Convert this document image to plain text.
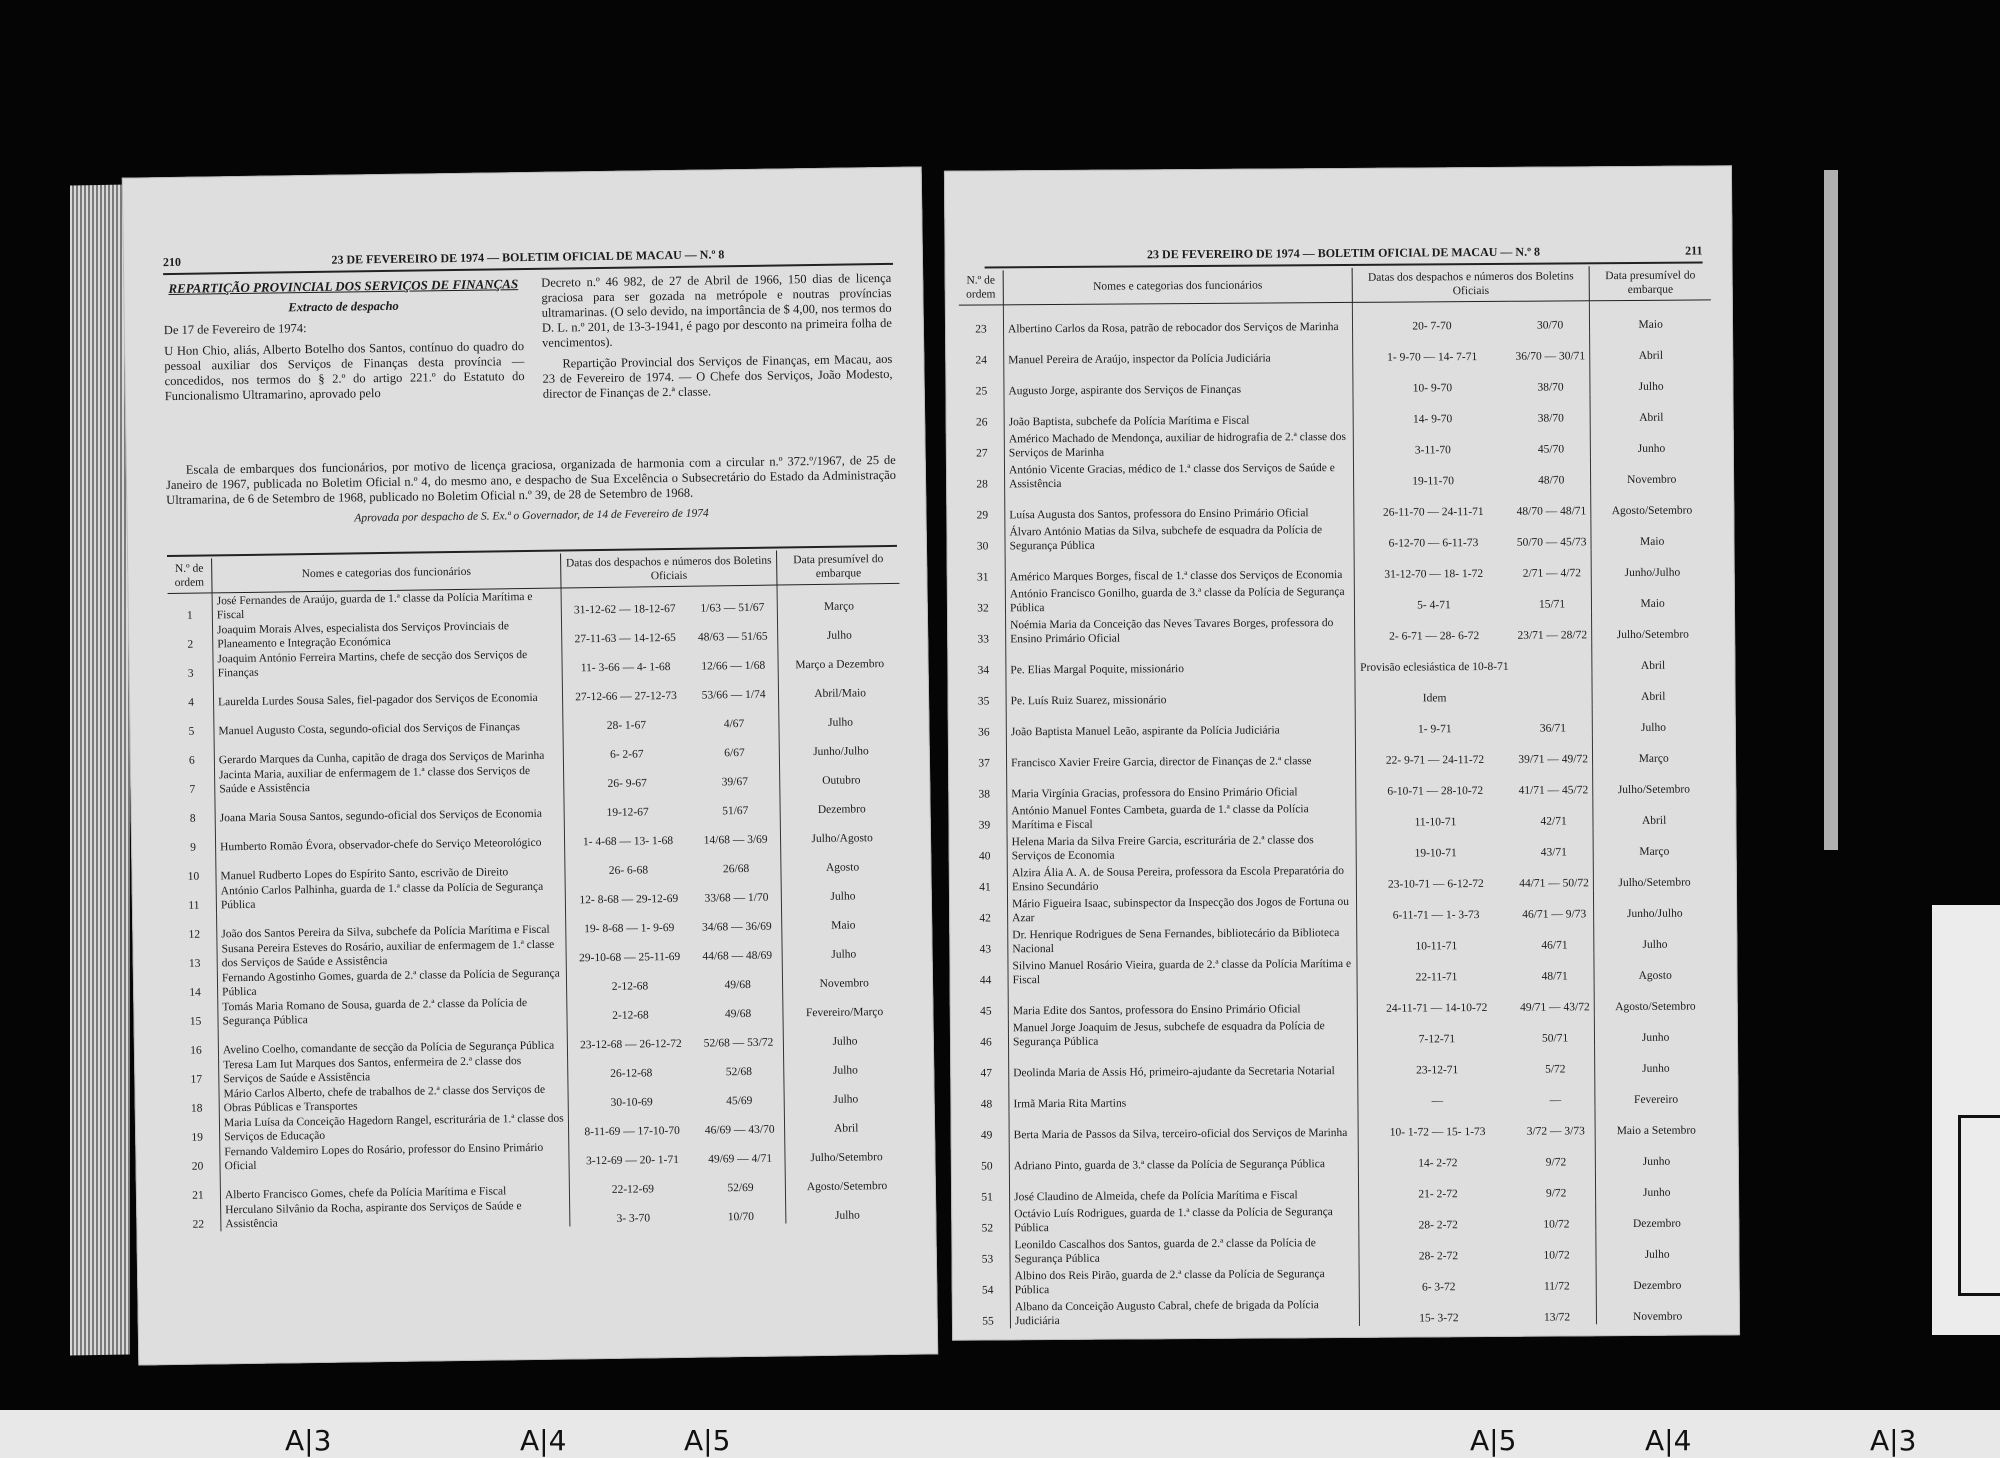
210	23 DE FEVEREIRO DE 1974 — BOLETIM OFICIAL DE MACAU — N.º 8

REPARTIÇÃO PROVINCIAL DOS SERVIÇOS DE FINANÇAS

Extracto de despacho

De 17 de Fevereiro de 1974:

U Hon Chio, aliás, Alberto Botelho dos Santos, contínuo do quadro do pessoal auxiliar dos Serviços de Finanças desta província — concedidos, nos termos do § 2.º do artigo 221.º do Estatuto do Funcionalismo Ultramarino, aprovado pelo

Decreto n.º 46 982, de 27 de Abril de 1966, 150 dias de licença graciosa para ser gozada na metrópole e noutras províncias ultramarinas. (O selo devido, na importância de $ 4,00, nos termos do D. L. n.º 201, de 13-3-1941, é pago por desconto na primeira folha de vencimentos).

Repartição Provincial dos Serviços de Finanças, em Macau, aos 23 de Fevereiro de 1974. — O Chefe dos Serviços, João Modesto, director de Finanças de 2.ª classe.

Escala de embarques dos funcionários, por motivo de licença graciosa, organizada de harmonia com a circular n.º 372.º/1967, de 25 de Janeiro de 1967, publicada no Boletim Oficial n.º 4, do mesmo ano, e despacho de Sua Excelência o Subsecretário do Estado da Administração Ultramarina, de 6 de Setembro de 1968, publicado no Boletim Oficial n.º 39, de 28 de Setembro de 1968.

Aprovada por despacho de S. Ex.ª o Governador, de 14 de Fevereiro de 1974

N.º de ordem	Nomes e categorias dos funcionários	Datas dos despachos e números dos Boletins Oficiais		Data presumível do embarque
1	José Fernandes de Araújo, guarda de 1.ª classe da Polícia Marítima e Fiscal	31-12-62 — 18-12-67	1/63 — 51/67	Março
2	Joaquim Morais Alves, especialista dos Serviços Provinciais de Planeamento e Integração Económica	27-11-63 — 14-12-65	48/63 — 51/65	Julho
3	Joaquim António Ferreira Martins, chefe de secção dos Serviços de Finanças	11- 3-66 — 4- 1-68	12/66 — 1/68	Março a Dezembro
4	Laurelda Lurdes Sousa Sales, fiel-pagador dos Serviços de Economia	27-12-66 — 27-12-73	53/66 — 1/74	Abril/Maio
5	Manuel Augusto Costa, segundo-oficial dos Serviços de Finanças	28- 1-67	4/67	Julho
6	Gerardo Marques da Cunha, capitão de draga dos Serviços de Marinha	6- 2-67	6/67	Junho/Julho
7	Jacinta Maria, auxiliar de enfermagem de 1.ª classe dos Serviços de Saúde e Assistência	26- 9-67	39/67	Outubro
8	Joana Maria Sousa Santos, segundo-oficial dos Serviços de Economia	19-12-67	51/67	Dezembro
9	Humberto Romão Évora, observador-chefe do Serviço Meteorológico	1- 4-68 — 13- 1-68	14/68 — 3/69	Julho/Agosto
10	Manuel Rudberto Lopes do Espírito Santo, escrivão de Direito	26- 6-68	26/68	Agosto
11	António Carlos Palhinha, guarda de 1.ª classe da Polícia de Segurança Pública	12- 8-68 — 29-12-69	33/68 — 1/70	Julho
12	João dos Santos Pereira da Silva, subchefe da Polícia Marítima e Fiscal	19- 8-68 — 1- 9-69	34/68 — 36/69	Maio
13	Susana Pereira Esteves do Rosário, auxiliar de enfermagem de 1.ª classe dos Serviços de Saúde e Assistência	29-10-68 — 25-11-69	44/68 — 48/69	Julho
14	Fernando Agostinho Gomes, guarda de 2.ª classe da Polícia de Segurança Pública	2-12-68	49/68	Novembro
15	Tomás Maria Romano de Sousa, guarda de 2.ª classe da Polícia de Segurança Pública	2-12-68	49/68	Fevereiro/Março
16	Avelino Coelho, comandante de secção da Polícia de Segurança Pública	23-12-68 — 26-12-72	52/68 — 53/72	Julho
17	Teresa Lam Iut Marques dos Santos, enfermeira de 2.ª classe dos Serviços de Saúde e Assistência	26-12-68	52/68	Julho
18	Mário Carlos Alberto, chefe de trabalhos de 2.ª classe dos Serviços de Obras Públicas e Transportes	30-10-69	45/69	Julho
19	Maria Luísa da Conceição Hagedorn Rangel, escriturária de 1.ª classe dos Serviços de Educação	8-11-69 — 17-10-70	46/69 — 43/70	Abril
20	Fernando Valdemiro Lopes do Rosário, professor do Ensino Primário Oficial	3-12-69 — 20- 1-71	49/69 — 4/71	Julho/Setembro
21	Alberto Francisco Gomes, chefe da Polícia Marítima e Fiscal	22-12-69	52/69	Agosto/Setembro
22	Herculano Silvânio da Rocha, aspirante dos Serviços de Saúde e Assistência	3- 3-70	10/70	Julho
23 DE FEVEREIRO DE 1974 — BOLETIM OFICIAL DE MACAU — N.º 8	211
N.º de ordem	Nomes e categorias dos funcionários	Datas dos despachos e números dos Boletins Oficiais		Data presumível do embarque
23	Albertino Carlos da Rosa, patrão de rebocador dos Serviços de Marinha	20- 7-70	30/70	Maio
24	Manuel Pereira de Araújo, inspector da Polícia Judiciária	1- 9-70 — 14- 7-71	36/70 — 30/71	Abril
25	Augusto Jorge, aspirante dos Serviços de Finanças	10- 9-70	38/70	Julho
26	João Baptista, subchefe da Polícia Marítima e Fiscal	14- 9-70	38/70	Abril
27	Américo Machado de Mendonça, auxiliar de hidrografia de 2.ª classe dos Serviços de Marinha	3-11-70	45/70	Junho
28	António Vicente Gracias, médico de 1.ª classe dos Serviços de Saúde e Assistência	19-11-70	48/70	Novembro
29	Luísa Augusta dos Santos, professora do Ensino Primário Oficial	26-11-70 — 24-11-71	48/70 — 48/71	Agosto/Setembro
30	Álvaro António Matias da Silva, subchefe de esquadra da Polícia de Segurança Pública	6-12-70 — 6-11-73	50/70 — 45/73	Maio
31	Américo Marques Borges, fiscal de 1.ª classe dos Serviços de Economia	31-12-70 — 18- 1-72	2/71 — 4/72	Junho/Julho
32	António Francisco Gonilho, guarda de 3.ª classe da Polícia de Segurança Pública	5- 4-71	15/71	Maio
33	Noémia Maria da Conceição das Neves Tavares Borges, professora do Ensino Primário Oficial	2- 6-71 — 28- 6-72	23/71 — 28/72	Julho/Setembro
34	Pe. Elias Margal Poquite, missionário	Provisão eclesiástica de 10-8-71		Abril
35	Pe. Luís Ruiz Suarez, missionário	Idem		Abril
36	João Baptista Manuel Leão, aspirante da Polícia Judiciária	1- 9-71	36/71	Julho
37	Francisco Xavier Freire Garcia, director de Finanças de 2.ª classe	22- 9-71 — 24-11-72	39/71 — 49/72	Março
38	Maria Virgínia Gracias, professora do Ensino Primário Oficial	6-10-71 — 28-10-72	41/71 — 45/72	Julho/Setembro
39	António Manuel Fontes Cambeta, guarda de 1.ª classe da Polícia Marítima e Fiscal	11-10-71	42/71	Abril
40	Helena Maria da Silva Freire Garcia, escriturária de 2.ª classe dos Serviços de Economia	19-10-71	43/71	Março
41	Alzira Ália A. A. de Sousa Pereira, professora da Escola Preparatória do Ensino Secundário	23-10-71 — 6-12-72	44/71 — 50/72	Julho/Setembro
42	Mário Figueira Isaac, subinspector da Inspecção dos Jogos de Fortuna ou Azar	6-11-71 — 1- 3-73	46/71 — 9/73	Junho/Julho
43	Dr. Henrique Rodrigues de Sena Fernandes, bibliotecário da Biblioteca Nacional	10-11-71	46/71	Julho
44	Silvino Manuel Rosário Vieira, guarda de 2.ª classe da Polícia Marítima e Fiscal	22-11-71	48/71	Agosto
45	Maria Edite dos Santos, professora do Ensino Primário Oficial	24-11-71 — 14-10-72	49/71 — 43/72	Agosto/Setembro
46	Manuel Jorge Joaquim de Jesus, subchefe de esquadra da Polícia de Segurança Pública	7-12-71	50/71	Junho
47	Deolinda Maria de Assis Hó, primeiro-ajudante da Secretaria Notarial	23-12-71	5/72	Junho
48	Irmã Maria Rita Martins	—	—	Fevereiro
49	Berta Maria de Passos da Silva, terceiro-oficial dos Serviços de Marinha	10- 1-72 — 15- 1-73	3/72 — 3/73	Maio a Setembro
50	Adriano Pinto, guarda de 3.ª classe da Polícia de Segurança Pública	14- 2-72	9/72	Junho
51	José Claudino de Almeida, chefe da Polícia Marítima e Fiscal	21- 2-72	9/72	Junho
52	Octávio Luís Rodrigues, guarda de 1.ª classe da Polícia de Segurança Pública	28- 2-72	10/72	Dezembro
53	Leonildo Cascalhos dos Santos, guarda de 2.ª classe da Polícia de Segurança Pública	28- 2-72	10/72	Julho
54	Albino dos Reis Pirão, guarda de 2.ª classe da Polícia de Segurança Pública	6- 3-72	11/72	Dezembro
55	Albano da Conceição Augusto Cabral, chefe de brigada da Polícia Judiciária	15- 3-72	13/72	Novembro
A|3	A|4	A|5	A|5	A|4	A|3
